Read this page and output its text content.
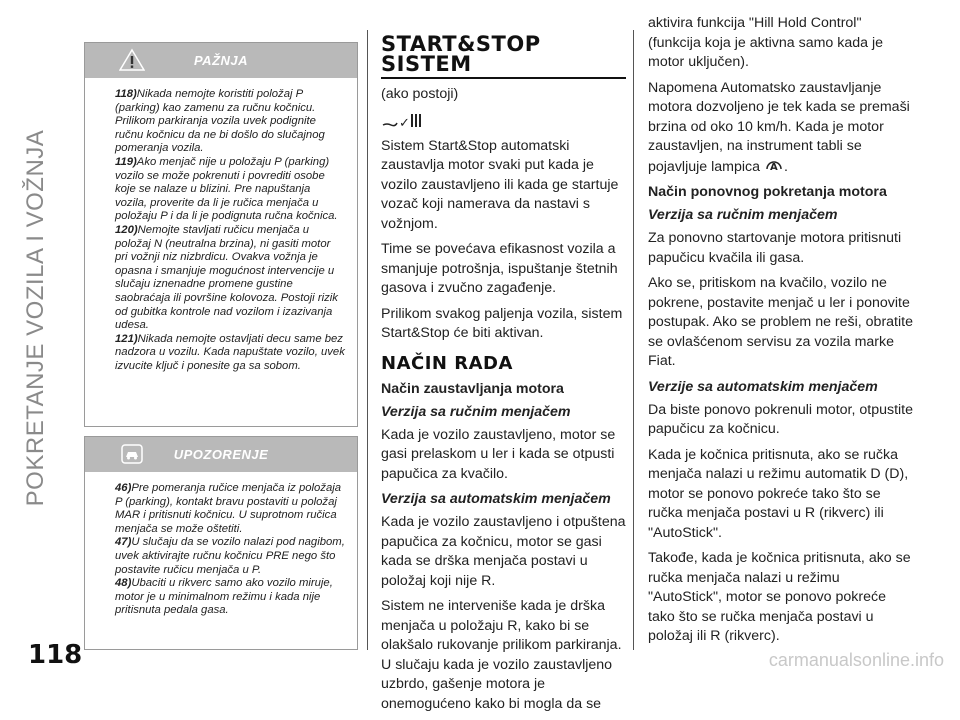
POKRETANJE VOZILA I VOŽNJA
PAŽNJA

118)Nikada nemojte koristiti položaj P (parking) kao zamenu za ručnu kočnicu. Prilikom parkiranja vozila uvek podignite ručnu kočnicu da ne bi došlo do slučajnog pomeranja vozila.

119)Ako menjač nije u položaju P (parking) vozilo se može pokrenuti i povrediti osobe koje se nalaze u blizini. Pre napuštanja vozila, proverite da li je ručica menjača u položaju P i da li je podignuta ručna kočnica.

120)Nemojte stavljati ručicu menjača u položaj N (neutralna brzina), ni gasiti motor pri vožnji niz nizbrdicu. Ovakva vožnja je opasna i smanjuje mogućnost intervencije u slučaju iznenadne promene gustine saobraćaja ili površine kolovoza. Postoji rizik od gubitka kontrole nad vozilom i izazivanja udesa.

121)Nikada nemojte ostavljati decu same bez nadzora u vozilu. Kada napuštate vozilo, uvek izvucite ključ i ponesite ga sa sobom.

UPOZORENJE

46)Pre pomeranja ručice menjača iz položaja P (parking), kontakt bravu postaviti u položaj MAR i pritisnuti kočnicu. U suprotnom ručica menjača se može oštetiti.

47)U slučaju da se vozilo nalazi pod nagibom, uvek aktivirajte ručnu kočnicu PRE nego što postavite ručicu menjača u P.

48)Ubaciti u rikverc samo ako vozilo miruje, motor je u minimalnom režimu i kada nije pritisnuta pedala gasa.

START&STOP
SISTEM

(ako postoji)

✓

Sistem Start&Stop automatski zaustavlja motor svaki put kada je vozilo zaustavljeno ili kada ge startuje vozač koji namerava da nastavi s vožnjom.

Time se povećava efikasnost vozila a smanjuje potrošnja, ispuštanje štetnih gasova i zvučno zagađenje.

Prilikom svakog paljenja vozila, sistem Start&Stop će biti aktivan.

NAČIN RADA
Način zaustavljanja motora
Verzija sa ručnim menjačem

Kada je vozilo zaustavljeno, motor se gasi prelaskom u ler i kada se otpusti papučica za kvačilo.

Verzija sa automatskim menjačem

Kada je vozilo zaustavljeno i otpuštena papučica za kočnicu, motor se gasi kada se drška menjača postavi u položaj koji nije R.

Sistem ne interveniše kada je drška menjača u položaju R, kako bi se olakšalo rukovanje prilikom parkiranja. U slučaju kada je vozilo zaustavljeno uzbrdo, gašenje motora je onemogućeno kako bi mogla da se

aktivira funkcija "Hill Hold Control" (funkcija koja je aktivna samo kada je motor uključen).

Napomena Automatsko zaustavljanje motora dozvoljeno je tek kada se premaši brzina od oko 10 km/h. Kada je motor zaustavljen, na instrument tabli se pojavljuje lampica A .

Način ponovnog pokretanja motora
Verzija sa ručnim menjačem

Za ponovno startovanje motora pritisnuti papučicu kvačila ili gasa.

Ako se, pritiskom na kvačilo, vozilo ne pokrene, postavite menjač u ler i ponovite postupak. Ako se problem ne reši, obratite se ovlašćenom servisu za vozila marke Fiat.

Verzije sa automatskim menjačem

Da biste ponovo pokrenuli motor, otpustite papučicu za kočnicu.

Kada je kočnica pritisnuta, ako se ručka menjača nalazi u režimu automatik D (D), motor se ponovo pokreće tako što se ručka menjača postavi u R (rikverc) ili "AutoStick".

Takođe, kada je kočnica pritisnuta, ako se ručka menjača nalazi u režimu "AutoStick", motor se ponovo pokreće tako što se ručka menjača postavi u položaj ili R (rikverc).

118	carmanualsonline.info
